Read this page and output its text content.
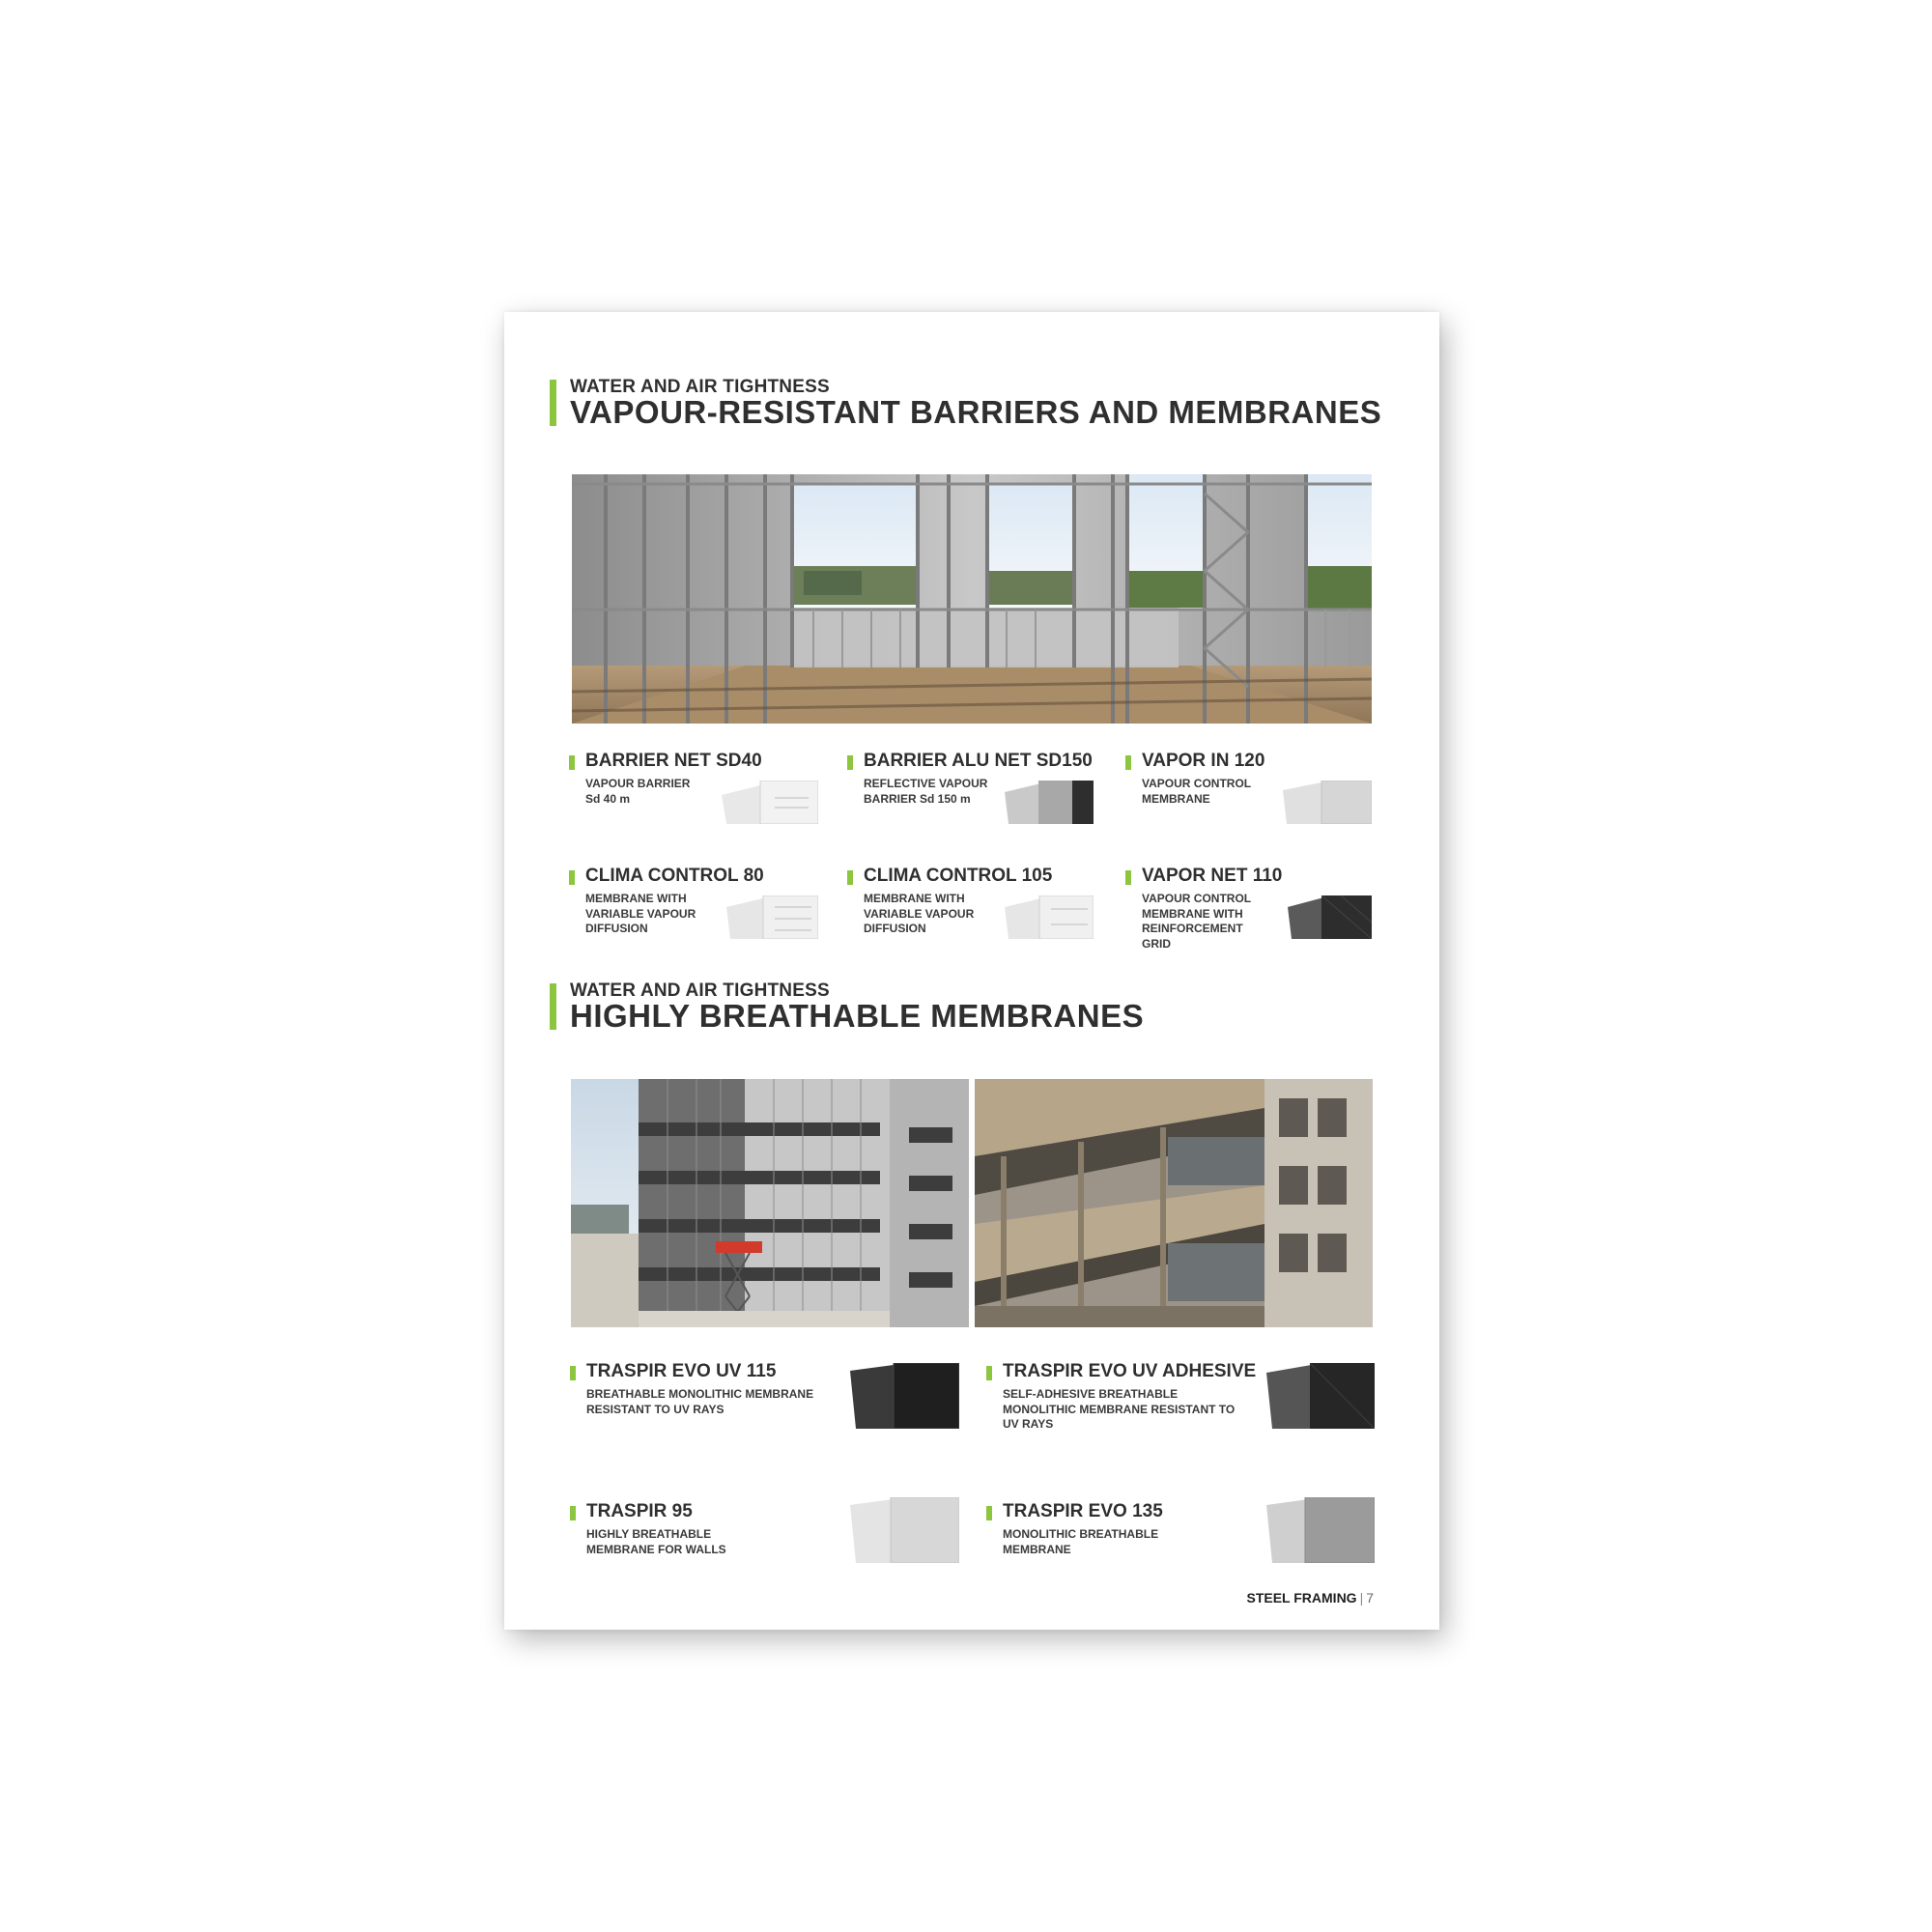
WATER AND AIR TIGHTNESS
VAPOUR-RESISTANT BARRIERS AND MEMBRANES
BARRIER NET SD40
VAPOUR BARRIER
Sd 40 m
BARRIER ALU NET SD150
REFLECTIVE VAPOUR
BARRIER Sd 150 m
VAPOR IN 120
VAPOUR CONTROL
MEMBRANE
CLIMA CONTROL 80
MEMBRANE WITH
VARIABLE VAPOUR
DIFFUSION
CLIMA CONTROL 105
MEMBRANE WITH
VARIABLE VAPOUR
DIFFUSION
VAPOR NET 110
VAPOUR CONTROL
MEMBRANE WITH
REINFORCEMENT
GRID
WATER AND AIR TIGHTNESS
HIGHLY BREATHABLE MEMBRANES
TRASPIR EVO UV 115
BREATHABLE MONOLITHIC MEMBRANE
RESISTANT TO UV RAYS
TRASPIR EVO UV ADHESIVE
SELF-ADHESIVE BREATHABLE
MONOLITHIC MEMBRANE RESISTANT TO
UV RAYS
TRASPIR 95
HIGHLY BREATHABLE
MEMBRANE FOR WALLS
TRASPIR EVO 135
MONOLITHIC BREATHABLE
MEMBRANE
STEEL FRAMING | 7
